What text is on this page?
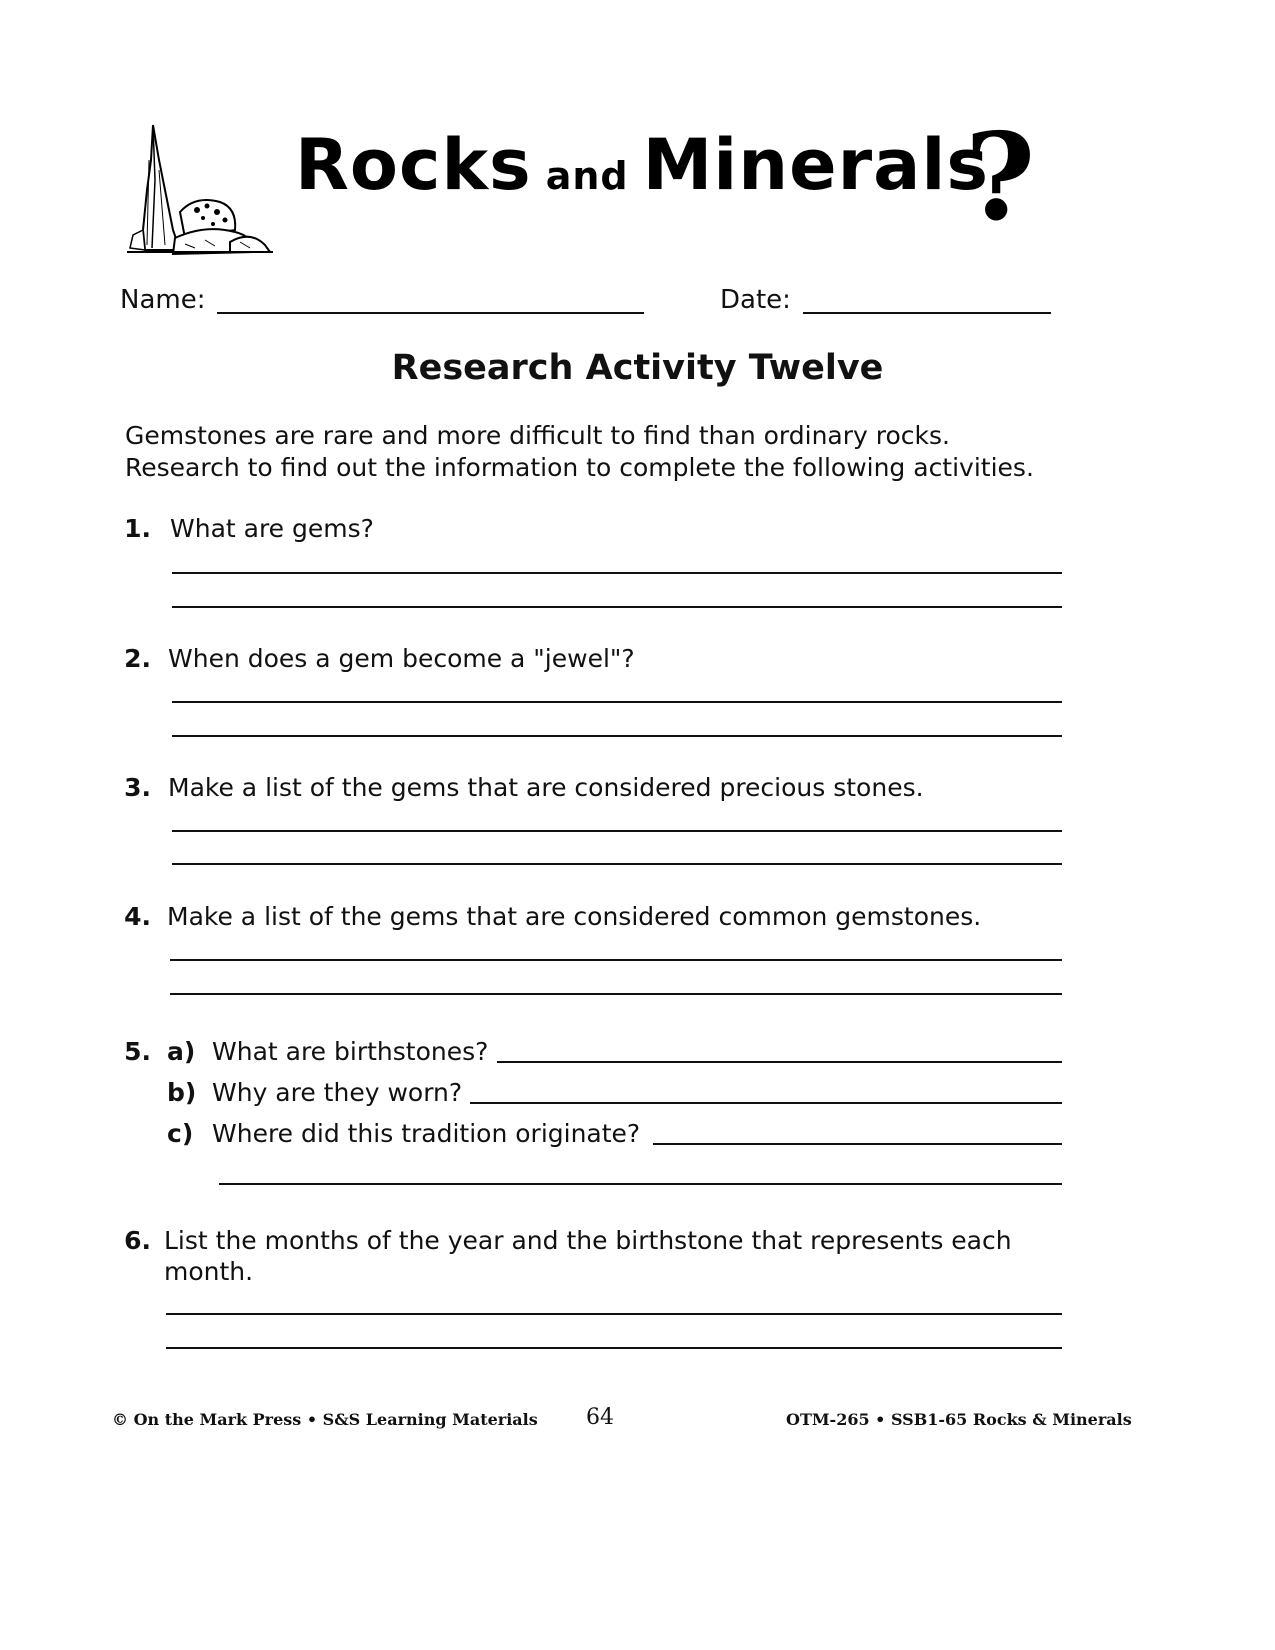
Rocks and Minerals
?
Name:	Date:
Research Activity Twelve
Gemstones are rare and more difficult to find than ordinary rocks.
Research to find out the information to complete the following activities.
1. What are gems?
2. When does a gem become a "jewel"?
3. Make a list of the gems that are considered precious stones.
4. Make a list of the gems that are considered common gemstones.
5. a) What are birthstones?
b) Why are they worn?
c) Where did this tradition originate?
6. List the months of the year and the birthstone that represents each
month.
© On the Mark Press • S&S Learning Materials 64	OTM-265 • SSB1-65 Rocks & Minerals
